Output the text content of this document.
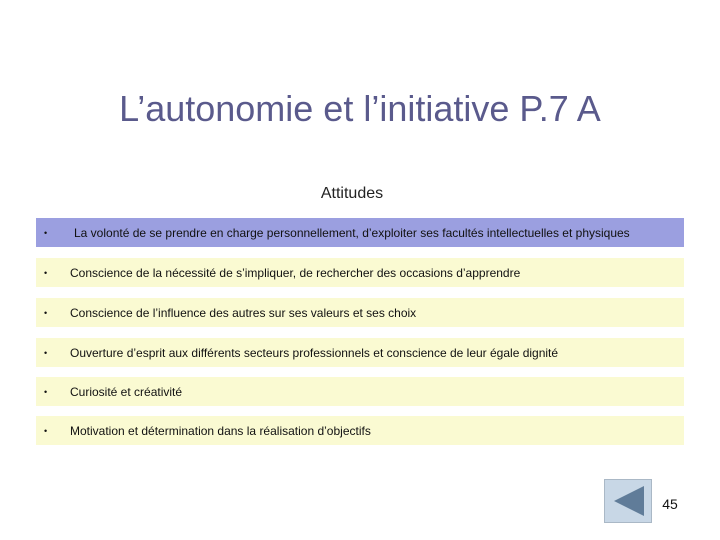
L’autonomie et l’initiative P.7 A
Attitudes
•	La volonté de se prendre en charge personnellement, d’exploiter ses facultés intellectuelles et physiques
•	Conscience de la nécessité de s’impliquer, de rechercher des occasions d’apprendre
•	Conscience de l’influence des autres sur ses valeurs et ses choix
•	Ouverture d’esprit aux différents secteurs professionnels et conscience de leur égale dignité
•	Curiosité et créativité
•	Motivation et détermination dans la réalisation d’objectifs
45
